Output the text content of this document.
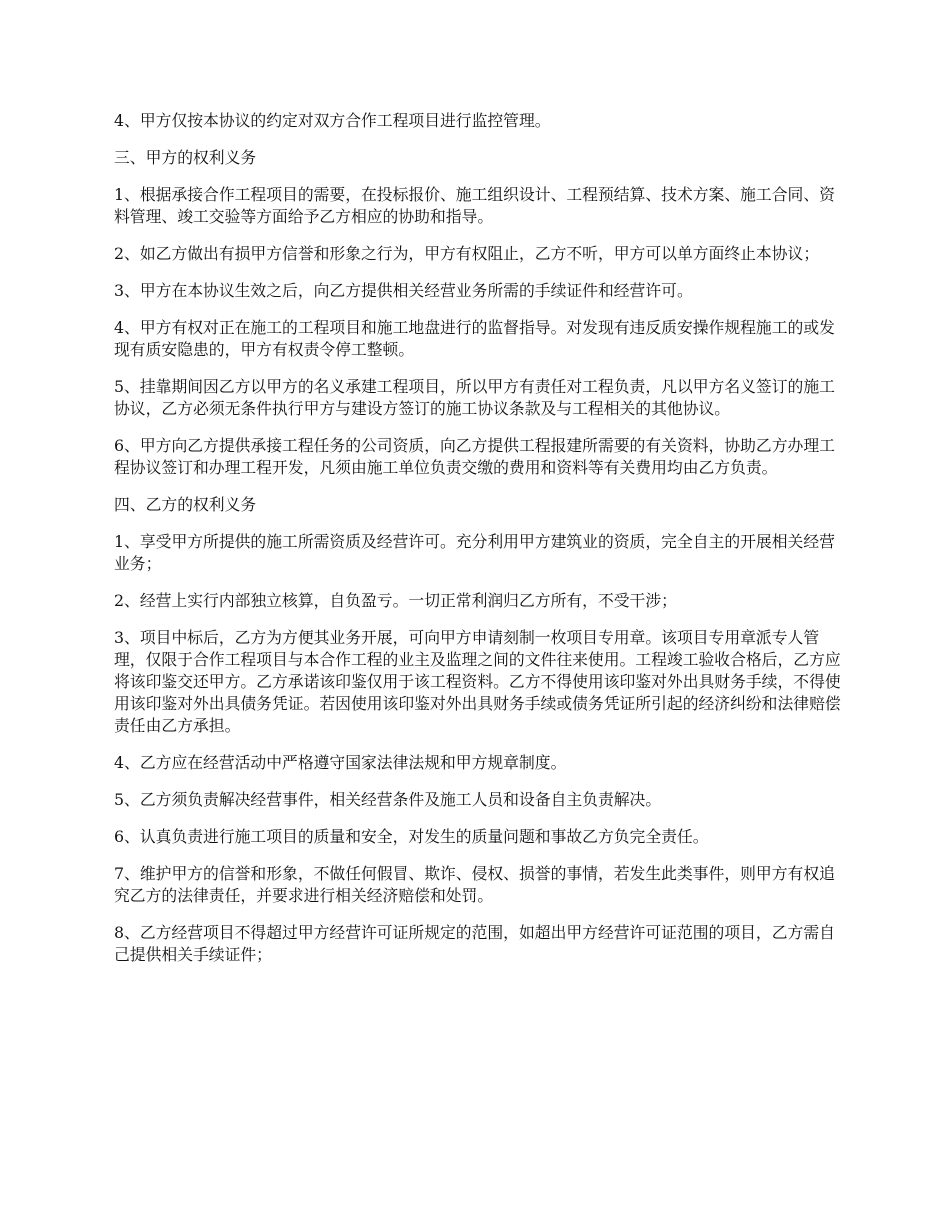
4、甲方仅按本协议的约定对双方合作工程项目进行监控管理。

三、甲方的权利义务

1、根据承接合作工程项目的需要，在投标报价、施工组织设计、工程预结算、技术方案、施工合同、资料管理、竣工交验等方面给予乙方相应的协助和指导。

2、如乙方做出有损甲方信誉和形象之行为，甲方有权阻止，乙方不听，甲方可以单方面终止本协议；

3、甲方在本协议生效之后，向乙方提供相关经营业务所需的手续证件和经营许可。

4、甲方有权对正在施工的工程项目和施工地盘进行的监督指导。对发现有违反质安操作规程施工的或发现有质安隐患的，甲方有权责令停工整顿。

5、挂靠期间因乙方以甲方的名义承建工程项目，所以甲方有责任对工程负责，凡以甲方名义签订的施工协议，乙方必须无条件执行甲方与建设方签订的施工协议条款及与工程相关的其他协议。

6、甲方向乙方提供承接工程任务的公司资质，向乙方提供工程报建所需要的有关资料，协助乙方办理工程协议签订和办理工程开发，凡须由施工单位负责交缴的费用和资料等有关费用均由乙方负责。

四、乙方的权利义务

1、享受甲方所提供的施工所需资质及经营许可。充分利用甲方建筑业的资质，完全自主的开展相关经营业务；

2、经营上实行内部独立核算，自负盈亏。一切正常利润归乙方所有，不受干涉；

3、项目中标后，乙方为方便其业务开展，可向甲方申请刻制一枚项目专用章。该项目专用章派专人管理，仅限于合作工程项目与本合作工程的业主及监理之间的文件往来使用。工程竣工验收合格后，乙方应将该印鉴交还甲方。乙方承诺该印鉴仅用于该工程资料。乙方不得使用该印鉴对外出具财务手续，不得使用该印鉴对外出具债务凭证。若因使用该印鉴对外出具财务手续或债务凭证所引起的经济纠纷和法律赔偿责任由乙方承担。

4、乙方应在经营活动中严格遵守国家法律法规和甲方规章制度。

5、乙方须负责解决经营事件，相关经营条件及施工人员和设备自主负责解决。

6、认真负责进行施工项目的质量和安全，对发生的质量问题和事故乙方负完全责任。

7、维护甲方的信誉和形象，不做任何假冒、欺诈、侵权、损誉的事情，若发生此类事件，则甲方有权追究乙方的法律责任，并要求进行相关经济赔偿和处罚。

8、乙方经营项目不得超过甲方经营许可证所规定的范围，如超出甲方经营许可证范围的项目，乙方需自己提供相关手续证件；
